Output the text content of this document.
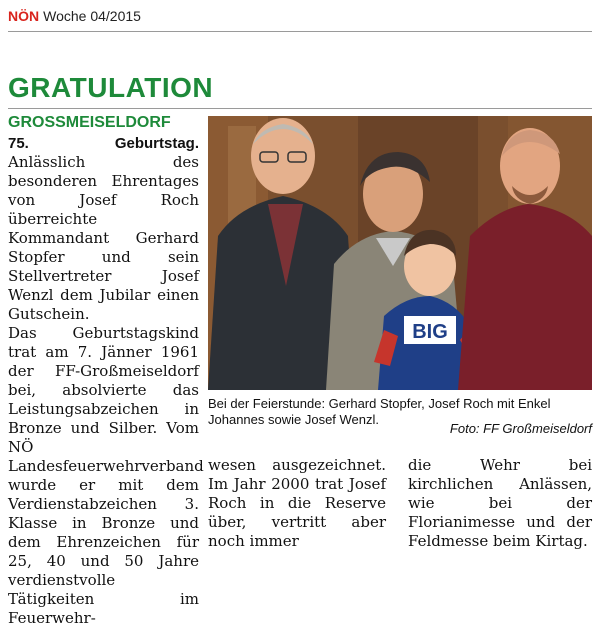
NÖN Woche 04/2015
GRATULATION
GROSSMEISELDORF

75. Geburtstag. Anlässlich des besonderen Ehrentages von Josef Roch überreichte Kommandant Gerhard Stopfer und sein Stellvertreter Josef Wenzl dem Jubilar einen Gutschein.

Das Geburtstagskind trat am 7. Jänner 1961 der FF-Großmeiseldorf bei, absolvierte das Leistungsabzeichen in Bronze und Silber. Vom NÖ Landesfeuerwehrverband wurde er mit dem Verdienstabzeichen 3. Klasse in Bronze und dem Ehrenzeichen für 25, 40 und 50 Jahre verdienstvolle Tätigkeiten im Feuerwehr-

BIG
Bei der Feierstunde: Gerhard Stopfer, Josef Roch mit Enkel Johannes sowie Josef Wenzl.
Foto: FF Großmeiseldorf

wesen ausgezeichnet. Im Jahr 2000 trat Josef Roch in die Reserve über, vertritt aber noch immer

die Wehr bei kirchlichen Anlässen, wie bei der Florianimesse und der Feldmesse beim Kirtag.
